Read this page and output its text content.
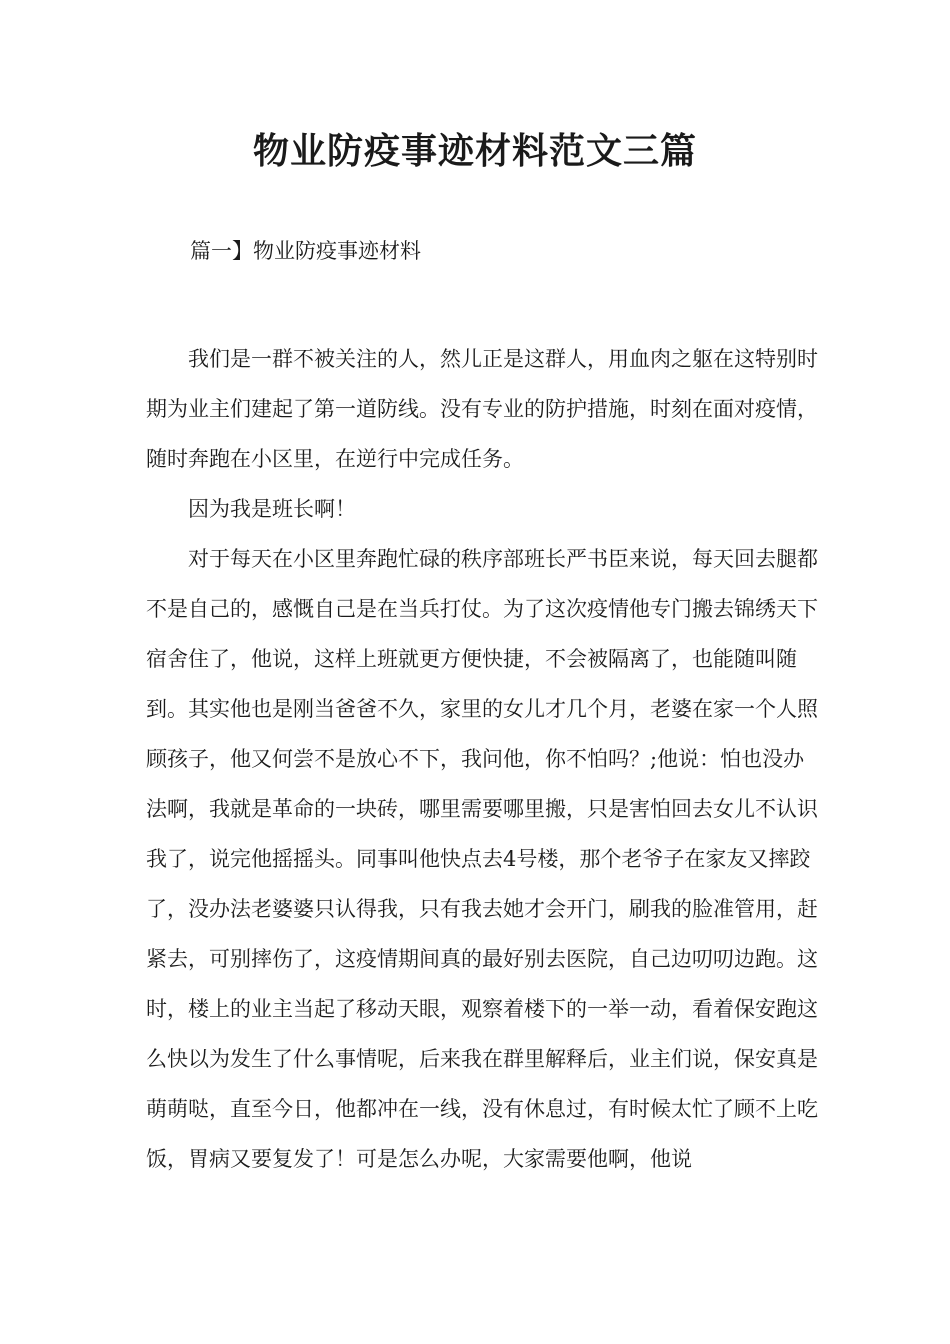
物业防疫事迹材料范文三篇
篇一】物业防疫事迹材料

我们是一群不被关注的人，然儿正是这群人，用血肉之躯在这特别时期为业主们建起了第一道防线。没有专业的防护措施，时刻在面对疫情，随时奔跑在小区里，在逆行中完成任务。

因为我是班长啊！

对于每天在小区里奔跑忙碌的秩序部班长严书臣来说，每天回去腿都不是自己的，感慨自己是在当兵打仗。为了这次疫情他专门搬去锦绣天下宿舍住了，他说，这样上班就更方便快捷，不会被隔离了，也能随叫随到。其实他也是刚当爸爸不久，家里的女儿才几个月，老婆在家一个人照顾孩子，他又何尝不是放心不下，我问他，你不怕吗？;他说：怕也没办法啊，我就是革命的一块砖，哪里需要哪里搬，只是害怕回去女儿不认识我了，说完他摇摇头。同事叫他快点去4号楼，那个老爷子在家友又摔跤了，没办法老婆婆只认得我，只有我去她才会开门，刷我的脸准管用，赶紧去，可别摔伤了，这疫情期间真的最好别去医院，自己边叨叨边跑。这时，楼上的业主当起了移动天眼，观察着楼下的一举一动，看着保安跑这么快以为发生了什么事情呢，后来我在群里解释后，业主们说，保安真是萌萌哒，直至今日，他都冲在一线，没有休息过，有时候太忙了顾不上吃饭，胃病又要复发了！可是怎么办呢，大家需要他啊，他说
